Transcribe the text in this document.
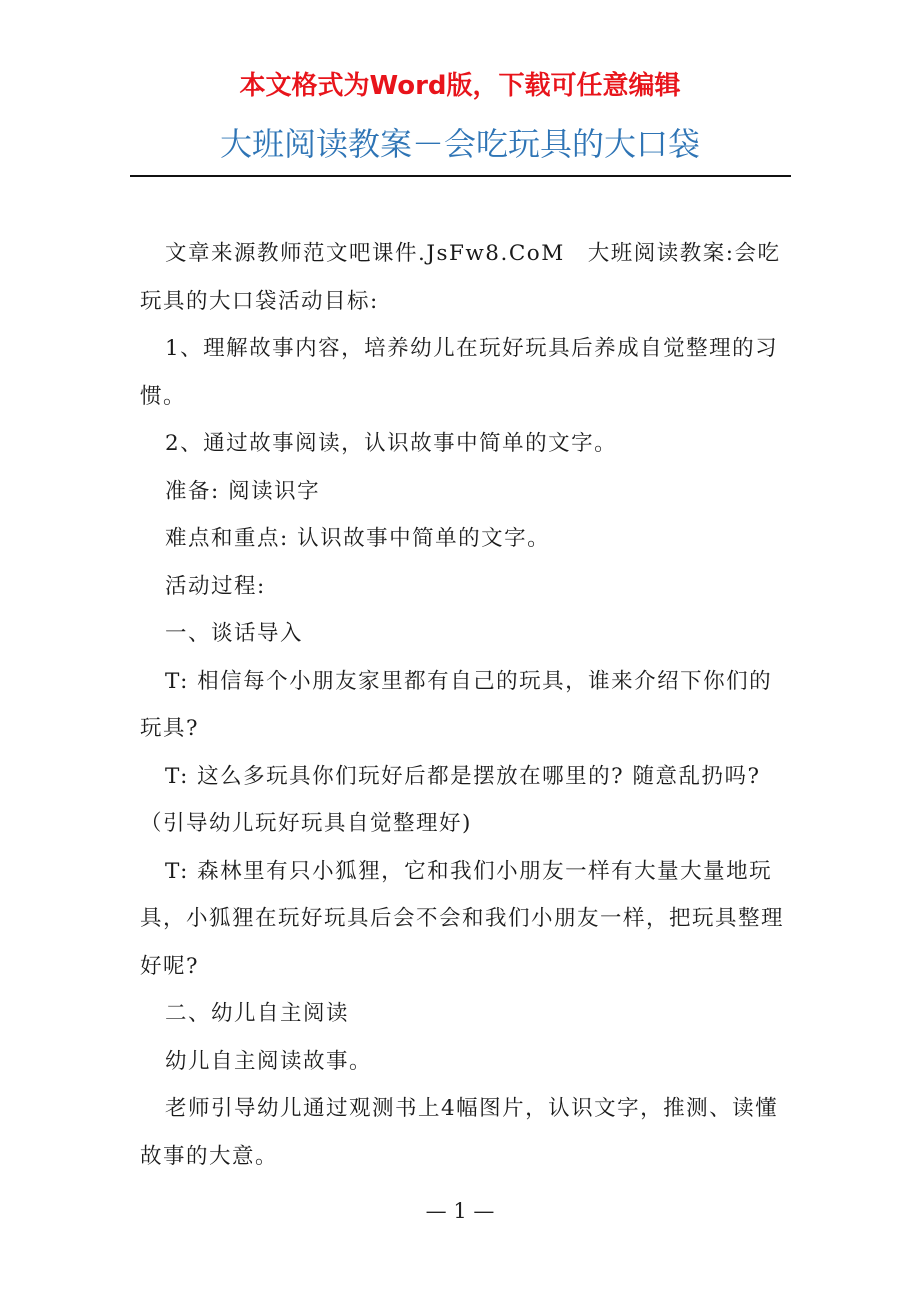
本文格式为Word版，下载可任意编辑
大班阅读教案－会吃玩具的大口袋

文章来源教师范文吧课件.JsFw8.CoM　大班阅读教案:会吃玩具的大口袋活动目标:

1、理解故事内容，培养幼儿在玩好玩具后养成自觉整理的习惯。

2、通过故事阅读，认识故事中简单的文字。

准备: 阅读识字

难点和重点: 认识故事中简单的文字。

活动过程:

一、谈话导入

T: 相信每个小朋友家里都有自己的玩具，谁来介绍下你们的玩具?

T: 这么多玩具你们玩好后都是摆放在哪里的? 随意乱扔吗? （引导幼儿玩好玩具自觉整理好)

T: 森林里有只小狐狸，它和我们小朋友一样有大量大量地玩具，小狐狸在玩好玩具后会不会和我们小朋友一样，把玩具整理好呢?

二、幼儿自主阅读

幼儿自主阅读故事。

老师引导幼儿通过观测书上4幅图片，认识文字，推测、读懂故事的大意。

— 1 —
